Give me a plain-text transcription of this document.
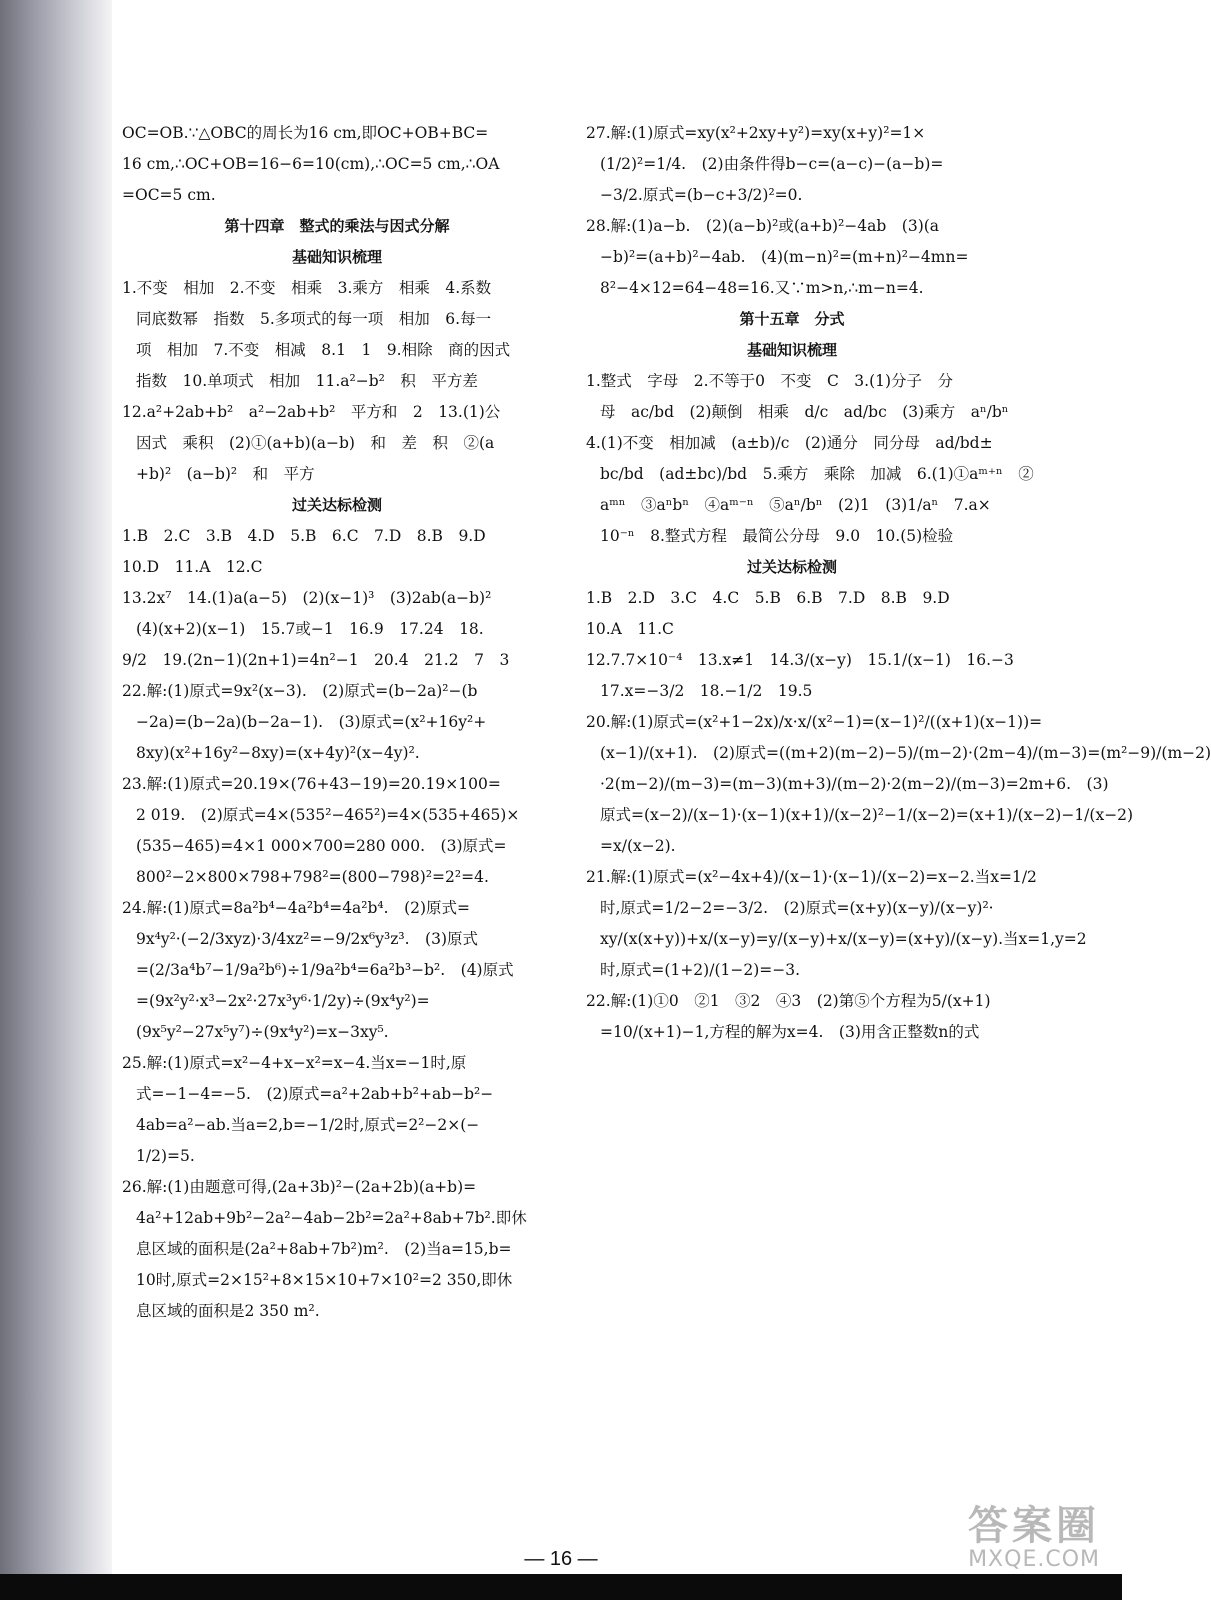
OC=OB.∵△OBC的周长为16 cm,即OC+OB+BC=
16 cm,∴OC+OB=16−6=10(cm),∴OC=5 cm,∴OA
=OC=5 cm.
第十四章　整式的乘法与因式分解
基础知识梳理
1.不变　相加　2.不变　相乘　3.乘方　相乘　4.系数
同底数幂　指数　5.多项式的每一项　相加　6.每一
项　相加　7.不变　相减　8.1　1　9.相除　商的因式
指数　10.单项式　相加　11.a²−b²　积　平方差
12.a²+2ab+b²　a²−2ab+b²　平方和　2　13.(1)公
因式　乘积　(2)①(a+b)(a−b)　和　差　积　②(a
+b)²　(a−b)²　和　平方
过关达标检测
1.B　2.C　3.B　4.D　5.B　6.C　7.D　8.B　9.D
10.D　11.A　12.C
13.2x⁷　14.(1)a(a−5)　(2)(x−1)³　(3)2ab(a−b)²
(4)(x+2)(x−1)　15.7或−1　16.9　17.24　18.
9/2　19.(2n−1)(2n+1)=4n²−1　20.4　21.2　7　3
22.解:(1)原式=9x²(x−3).　(2)原式=(b−2a)²−(b
−2a)=(b−2a)(b−2a−1).　(3)原式=(x²+16y²+
8xy)(x²+16y²−8xy)=(x+4y)²(x−4y)².
23.解:(1)原式=20.19×(76+43−19)=20.19×100=
2 019.　(2)原式=4×(535²−465²)=4×(535+465)×
(535−465)=4×1 000×700=280 000.　(3)原式=
800²−2×800×798+798²=(800−798)²=2²=4.
24.解:(1)原式=8a²b⁴−4a²b⁴=4a²b⁴.　(2)原式=
9x⁴y²·(−2/3xyz)·3/4xz²=−9/2x⁶y³z³.　(3)原式
=(2/3a⁴b⁷−1/9a²b⁶)÷1/9a²b⁴=6a²b³−b².　(4)原式
=(9x²y²·x³−2x²·27x³y⁶·1/2y)÷(9x⁴y²)=
(9x⁵y²−27x⁵y⁷)÷(9x⁴y²)=x−3xy⁵.
25.解:(1)原式=x²−4+x−x²=x−4.当x=−1时,原
式=−1−4=−5.　(2)原式=a²+2ab+b²+ab−b²−
4ab=a²−ab.当a=2,b=−1/2时,原式=2²−2×(−
1/2)=5.
26.解:(1)由题意可得,(2a+3b)²−(2a+2b)(a+b)=
4a²+12ab+9b²−2a²−4ab−2b²=2a²+8ab+7b².即休
息区域的面积是(2a²+8ab+7b²)m².　(2)当a=15,b=
10时,原式=2×15²+8×15×10+7×10²=2 350,即休
息区域的面积是2 350 m².
27.解:(1)原式=xy(x²+2xy+y²)=xy(x+y)²=1×
(1/2)²=1/4.　(2)由条件得b−c=(a−c)−(a−b)=
−3/2.原式=(b−c+3/2)²=0.
28.解:(1)a−b.　(2)(a−b)²或(a+b)²−4ab　(3)(a
−b)²=(a+b)²−4ab.　(4)(m−n)²=(m+n)²−4mn=
8²−4×12=64−48=16.又∵m>n,∴m−n=4.
第十五章　分式
基础知识梳理
1.整式　字母　2.不等于0　不变　C　3.(1)分子　分
母　ac/bd　(2)颠倒　相乘　d/c　ad/bc　(3)乘方　aⁿ/bⁿ
4.(1)不变　相加减　(a±b)/c　(2)通分　同分母　ad/bd±
bc/bd　(ad±bc)/bd　5.乘方　乘除　加减　6.(1)①aᵐ⁺ⁿ　②
aᵐⁿ　③aⁿbⁿ　④aᵐ⁻ⁿ　⑤aⁿ/bⁿ　(2)1　(3)1/aⁿ　7.a×
10⁻ⁿ　8.整式方程　最简公分母　9.0　10.(5)检验
过关达标检测
1.B　2.D　3.C　4.C　5.B　6.B　7.D　8.B　9.D
10.A　11.C
12.7.7×10⁻⁴　13.x≠1　14.3/(x−y)　15.1/(x−1)　16.−3
17.x=−3/2　18.−1/2　19.5
20.解:(1)原式=(x²+1−2x)/x·x/(x²−1)=(x−1)²/((x+1)(x−1))=
(x−1)/(x+1).　(2)原式=((m+2)(m−2)−5)/(m−2)·(2m−4)/(m−3)=(m²−9)/(m−2)
·2(m−2)/(m−3)=(m−3)(m+3)/(m−2)·2(m−2)/(m−3)=2m+6.　(3)
原式=(x−2)/(x−1)·(x−1)(x+1)/(x−2)²−1/(x−2)=(x+1)/(x−2)−1/(x−2)
=x/(x−2).
21.解:(1)原式=(x²−4x+4)/(x−1)·(x−1)/(x−2)=x−2.当x=1/2
时,原式=1/2−2=−3/2.　(2)原式=(x+y)(x−y)/(x−y)²·
xy/(x(x+y))+x/(x−y)=y/(x−y)+x/(x−y)=(x+y)/(x−y).当x=1,y=2
时,原式=(1+2)/(1−2)=−3.
22.解:(1)①0　②1　③2　④3　(2)第⑤个方程为5/(x+1)
=10/(x+1)−1,方程的解为x=4.　(3)用含正整数n的式
— 16 —
答案圈
MXQE.COM
